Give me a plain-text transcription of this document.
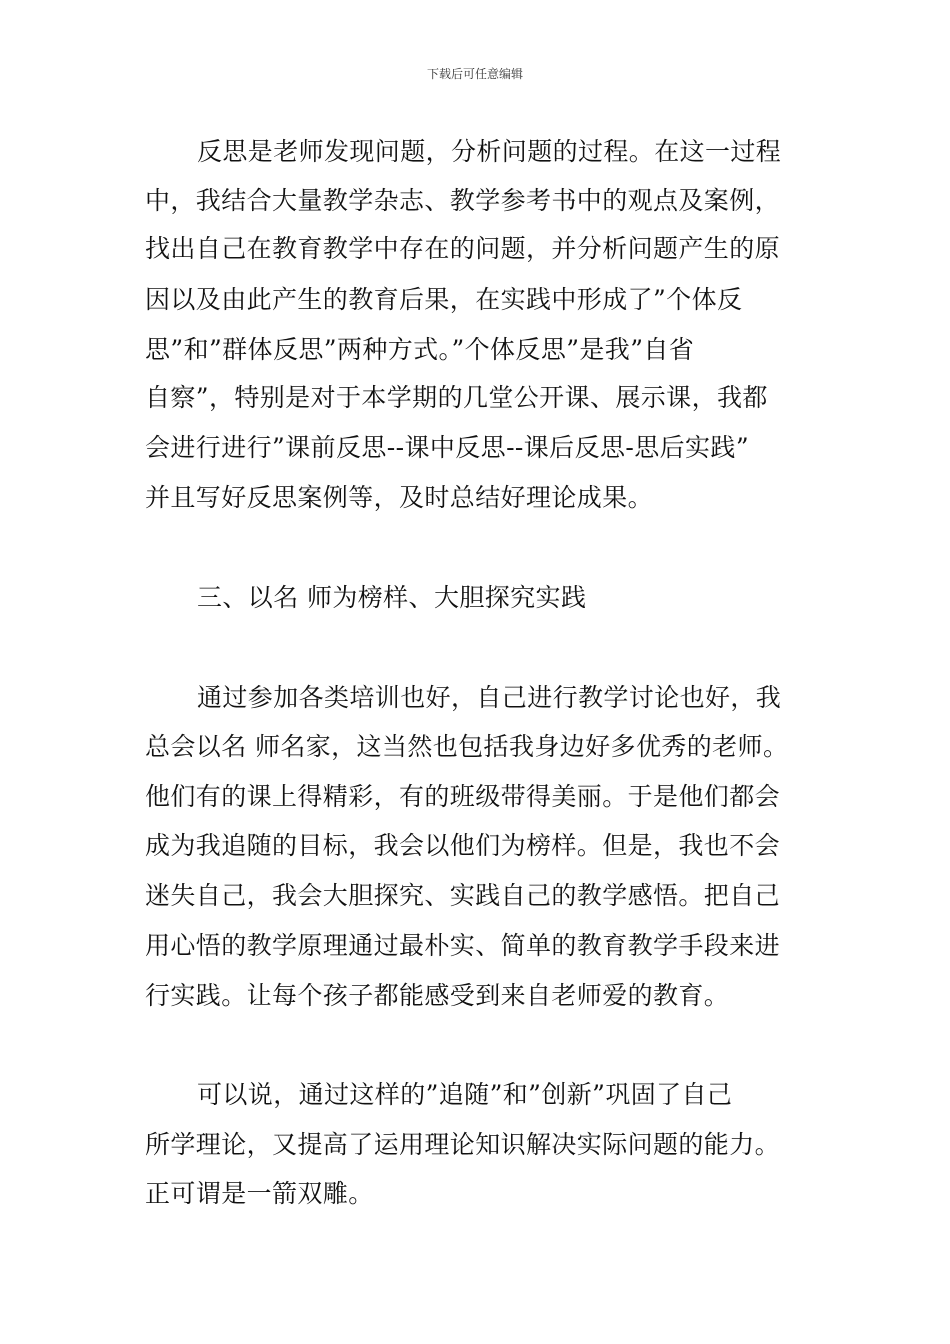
下载后可任意编辑
反思是老师发现问题，分析问题的过程。在这一过程
中，我结合大量教学杂志、教学参考书中的观点及案例，
找出自己在教育教学中存在的问题，并分析问题产生的原
因以及由此产生的教育后果，在实践中形成了”个体反
思”和”群体反思”两种方式。”个体反思”是我”自省
自察”，特别是对于本学期的几堂公开课、展示课，我都
会进行进行”课前反思--课中反思--课后反思-思后实践”
并且写好反思案例等，及时总结好理论成果。
三、以名 师为榜样、大胆探究实践
通过参加各类培训也好，自己进行教学讨论也好，我
总会以名 师名家，这当然也包括我身边好多优秀的老师。
他们有的课上得精彩，有的班级带得美丽。于是他们都会
成为我追随的目标，我会以他们为榜样。但是，我也不会
迷失自己，我会大胆探究、实践自己的教学感悟。把自己
用心悟的教学原理通过最朴实、简单的教育教学手段来进
行实践。让每个孩子都能感受到来自老师爱的教育。
可以说，通过这样的”追随”和”创新”巩固了自己
所学理论，又提高了运用理论知识解决实际问题的能力。
正可谓是一箭双雕。
